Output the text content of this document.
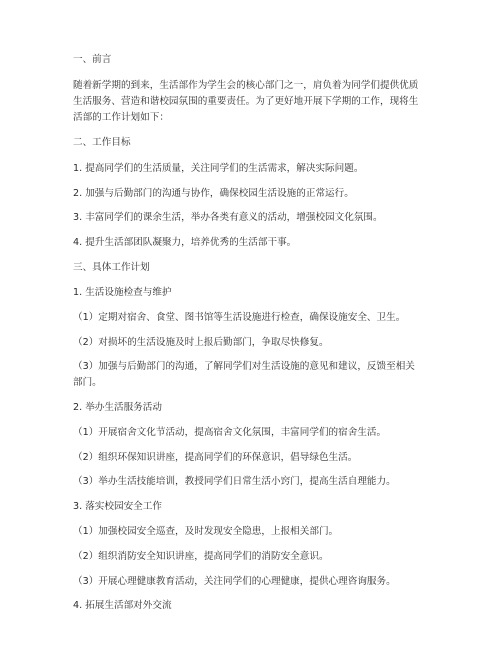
一、前言

随着新学期的到来，生活部作为学生会的核心部门之一，肩负着为同学们提供优质

生活服务、营造和谐校园氛围的重要责任。为了更好地开展下学期的工作，现将生

活部的工作计划如下：

二、工作目标

1. 提高同学们的生活质量，关注同学们的生活需求，解决实际问题。

2. 加强与后勤部门的沟通与协作，确保校园生活设施的正常运行。

3. 丰富同学们的课余生活，举办各类有意义的活动，增强校园文化氛围。

4. 提升生活部团队凝聚力，培养优秀的生活部干事。

三、具体工作计划

1. 生活设施检查与维护

（1）定期对宿舍、食堂、图书馆等生活设施进行检查，确保设施安全、卫生。

（2）对损坏的生活设施及时上报后勤部门，争取尽快修复。

（3）加强与后勤部门的沟通，了解同学们对生活设施的意见和建议，反馈至相关

部门。

2. 举办生活服务活动

（1）开展宿舍文化节活动，提高宿舍文化氛围，丰富同学们的宿舍生活。

（2）组织环保知识讲座，提高同学们的环保意识，倡导绿色生活。

（3）举办生活技能培训，教授同学们日常生活小窍门，提高生活自理能力。

3. 落实校园安全工作

（1）加强校园安全巡查，及时发现安全隐患，上报相关部门。

（2）组织消防安全知识讲座，提高同学们的消防安全意识。

（3）开展心理健康教育活动，关注同学们的心理健康，提供心理咨询服务。

4. 拓展生活部对外交流
